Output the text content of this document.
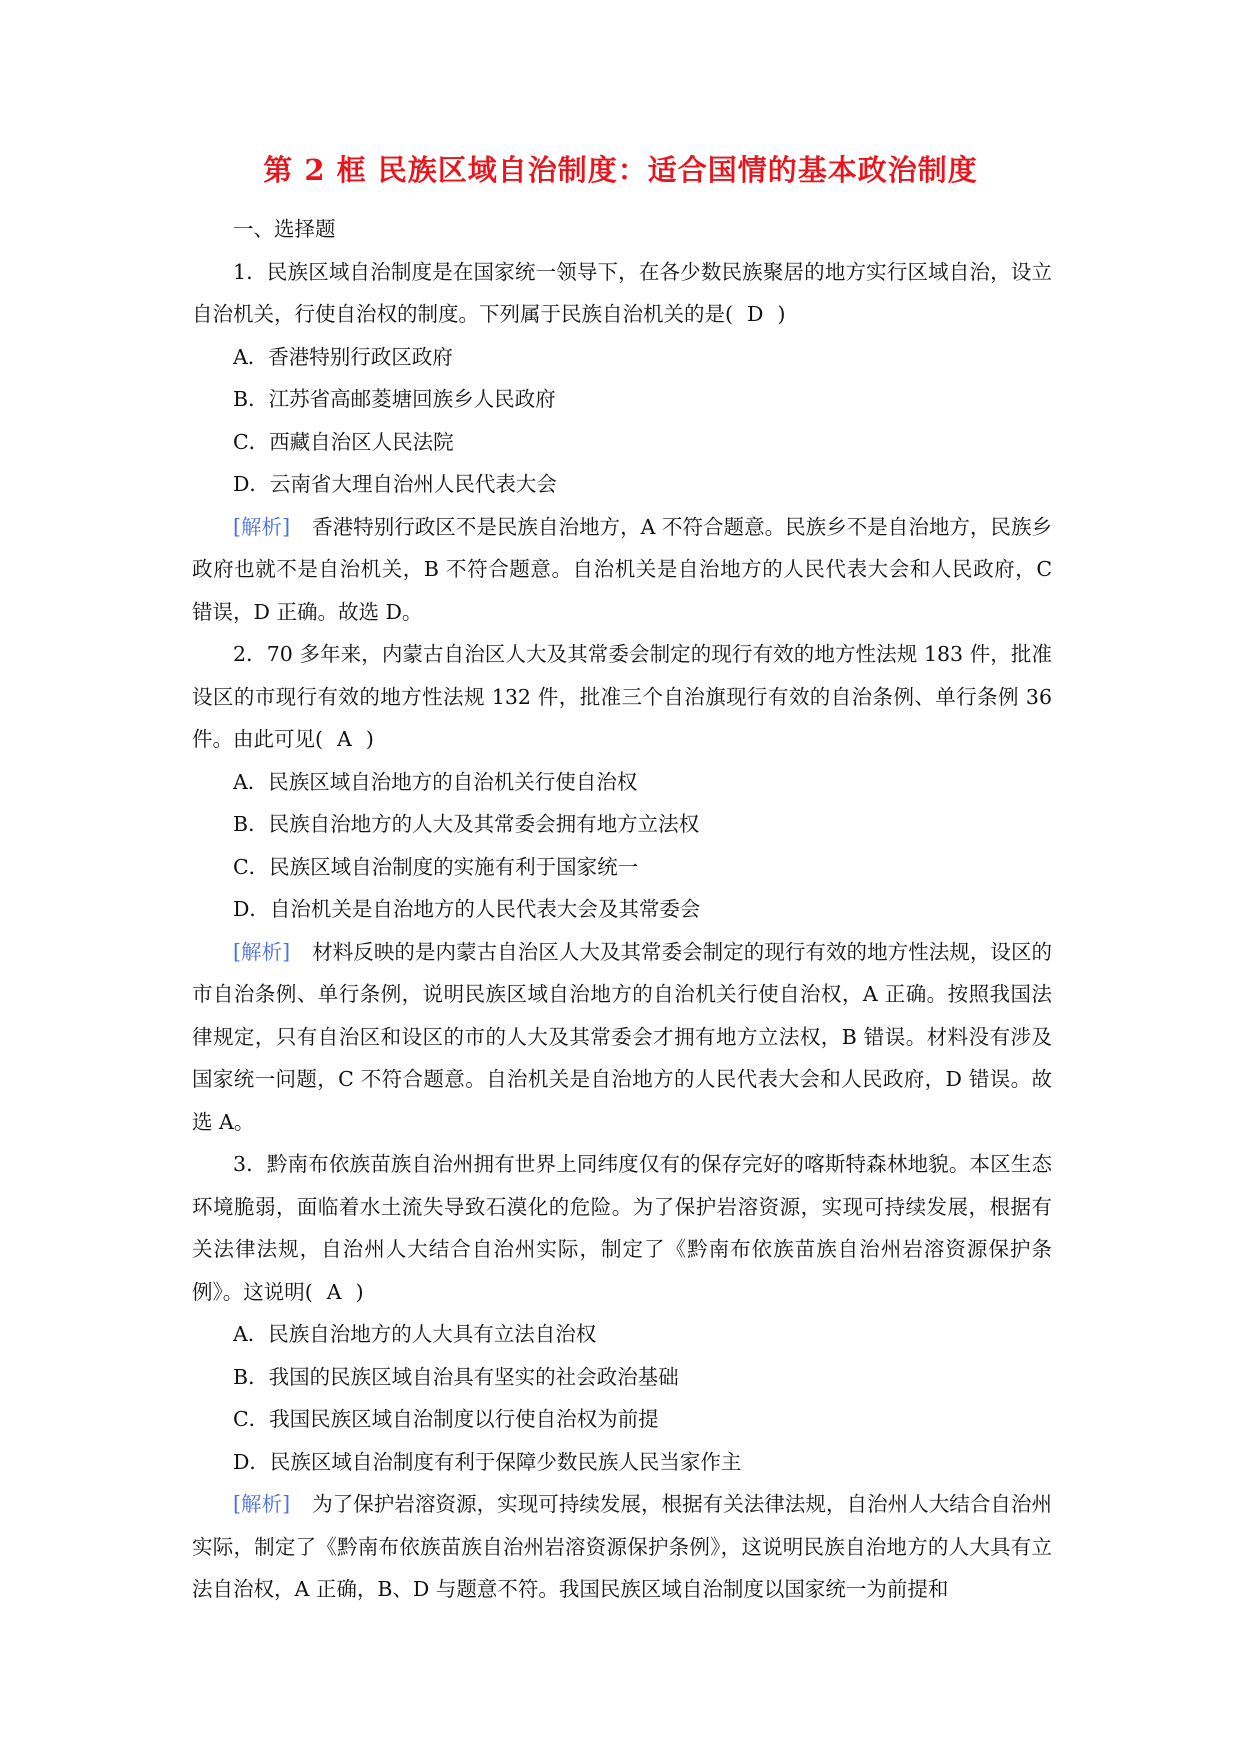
第 2 框 民族区域自治制度：适合国情的基本政治制度

一、选择题

1．民族区域自治制度是在国家统一领导下，在各少数民族聚居的地方实行区域自治，设立自治机关，行使自治权的制度。下列属于民族自治机关的是( D )

A．香港特别行政区政府

B．江苏省高邮菱塘回族乡人民政府

C．西藏自治区人民法院

D．云南省大理自治州人民代表大会

[解析] 香港特别行政区不是民族自治地方，A 不符合题意。民族乡不是自治地方，民族乡政府也就不是自治机关，B 不符合题意。自治机关是自治地方的人民代表大会和人民政府，C 错误，D 正确。故选 D。

2．70 多年来，内蒙古自治区人大及其常委会制定的现行有效的地方性法规 183 件，批准设区的市现行有效的地方性法规 132 件，批准三个自治旗现行有效的自治条例、单行条例 36 件。由此可见( A )

A．民族区域自治地方的自治机关行使自治权

B．民族自治地方的人大及其常委会拥有地方立法权

C．民族区域自治制度的实施有利于国家统一

D．自治机关是自治地方的人民代表大会及其常委会

[解析] 材料反映的是内蒙古自治区人大及其常委会制定的现行有效的地方性法规，设区的市自治条例、单行条例，说明民族区域自治地方的自治机关行使自治权，A 正确。按照我国法律规定，只有自治区和设区的市的人大及其常委会才拥有地方立法权，B 错误。材料没有涉及国家统一问题，C 不符合题意。自治机关是自治地方的人民代表大会和人民政府，D 错误。故选 A。

3．黔南布依族苗族自治州拥有世界上同纬度仅有的保存完好的喀斯特森林地貌。本区生态环境脆弱，面临着水土流失导致石漠化的危险。为了保护岩溶资源，实现可持续发展，根据有关法律法规，自治州人大结合自治州实际，制定了《黔南布依族苗族自治州岩溶资源保护条例》。这说明( A )

A．民族自治地方的人大具有立法自治权

B．我国的民族区域自治具有坚实的社会政治基础

C．我国民族区域自治制度以行使自治权为前提

D．民族区域自治制度有利于保障少数民族人民当家作主

[解析] 为了保护岩溶资源，实现可持续发展，根据有关法律法规，自治州人大结合自治州实际，制定了《黔南布依族苗族自治州岩溶资源保护条例》，这说明民族自治地方的人大具有立法自治权，A 正确，B、D 与题意不符。我国民族区域自治制度以国家统一为前提和
